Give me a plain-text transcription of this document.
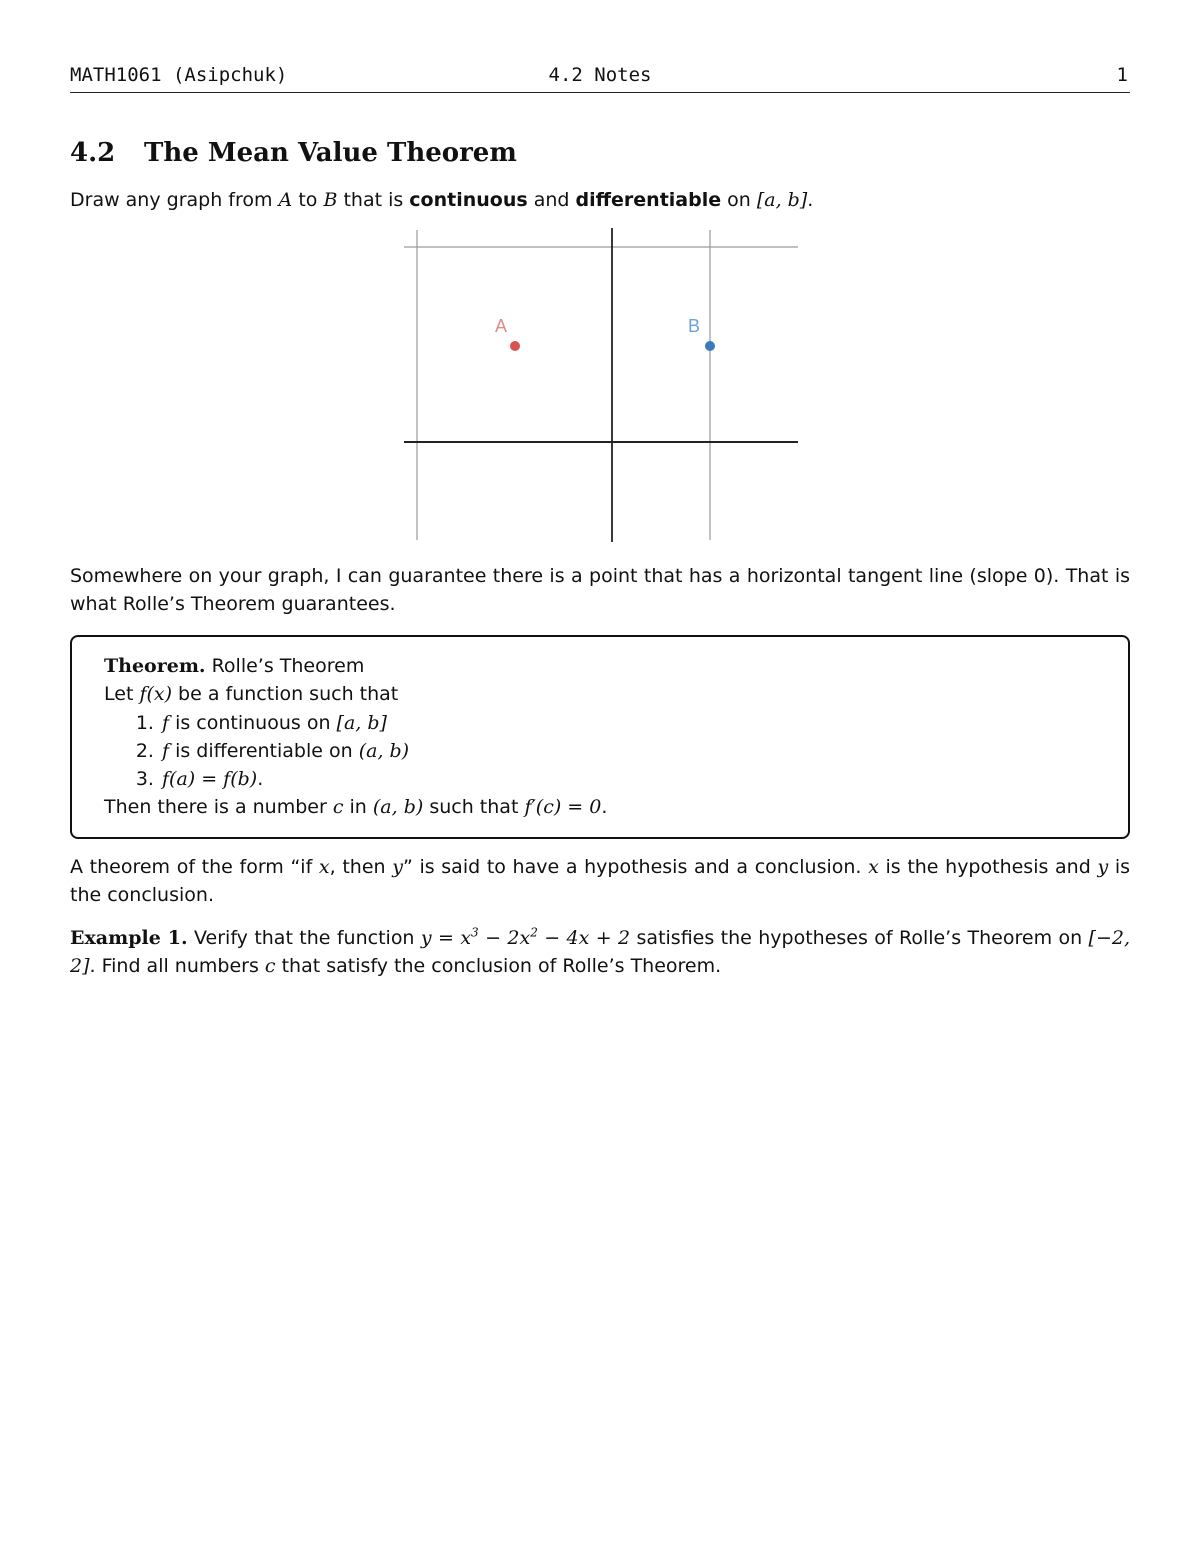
MATH1061 (Asipchuk)	4.2 Notes	1
4.2 The Mean Value Theorem
Draw any graph from A to B that is continuous and differentiable on [a, b].
A	B
Somewhere on your graph, I can guarantee there is a point that has a horizontal tangent line (slope 0). That is what Rolle’s Theorem guarantees.
Theorem. Rolle’s Theorem
Let f(x) be a function such that
1. f is continuous on [a, b]
2. f is differentiable on (a, b)
3. f(a) = f(b).
Then there is a number c in (a, b) such that f′(c) = 0.
A theorem of the form “if x, then y” is said to have a hypothesis and a conclusion. x is the hypothesis and y is the conclusion.
Example 1. Verify that the function $y = x^3 - 2x^2 - 4x + 2$ satisfies the hypotheses of Rolle’s Theorem on [−2, 2]. Find all numbers c that satisfy the conclusion of Rolle’s Theorem.
